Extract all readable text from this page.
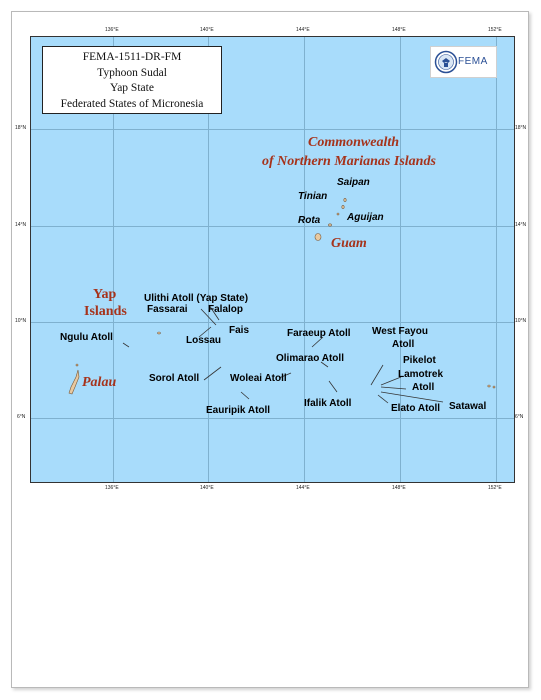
Commonwealth
of Northern Marianas Islands
Guam
Yap
Islands
Palau
Saipan
Tinian
Rota	Aguijan
Ulithi Atoll (Yap State)
Fassarai Falalop
Fais
Lossau
Ngulu Atoll
Sorol Atoll	Woleai Atoll
Eauripik Atoll
Faraeup Atoll
Olimarao Atoll
Ifalik Atoll
West Fayou
Atoll
Pikelot
Lamotrek
Atoll
Elato Atoll Satawal
136°E	140°E	144°E	148°E	152°E
136°E	140°E	144°E	148°E	152°E
18°N
14°N
10°N
6°N
18°N
14°N
10°N
6°N
FEMA-1511-DR-FM
Typhoon Sudal
Yap State
Federated States of Micronesia
FEMA
